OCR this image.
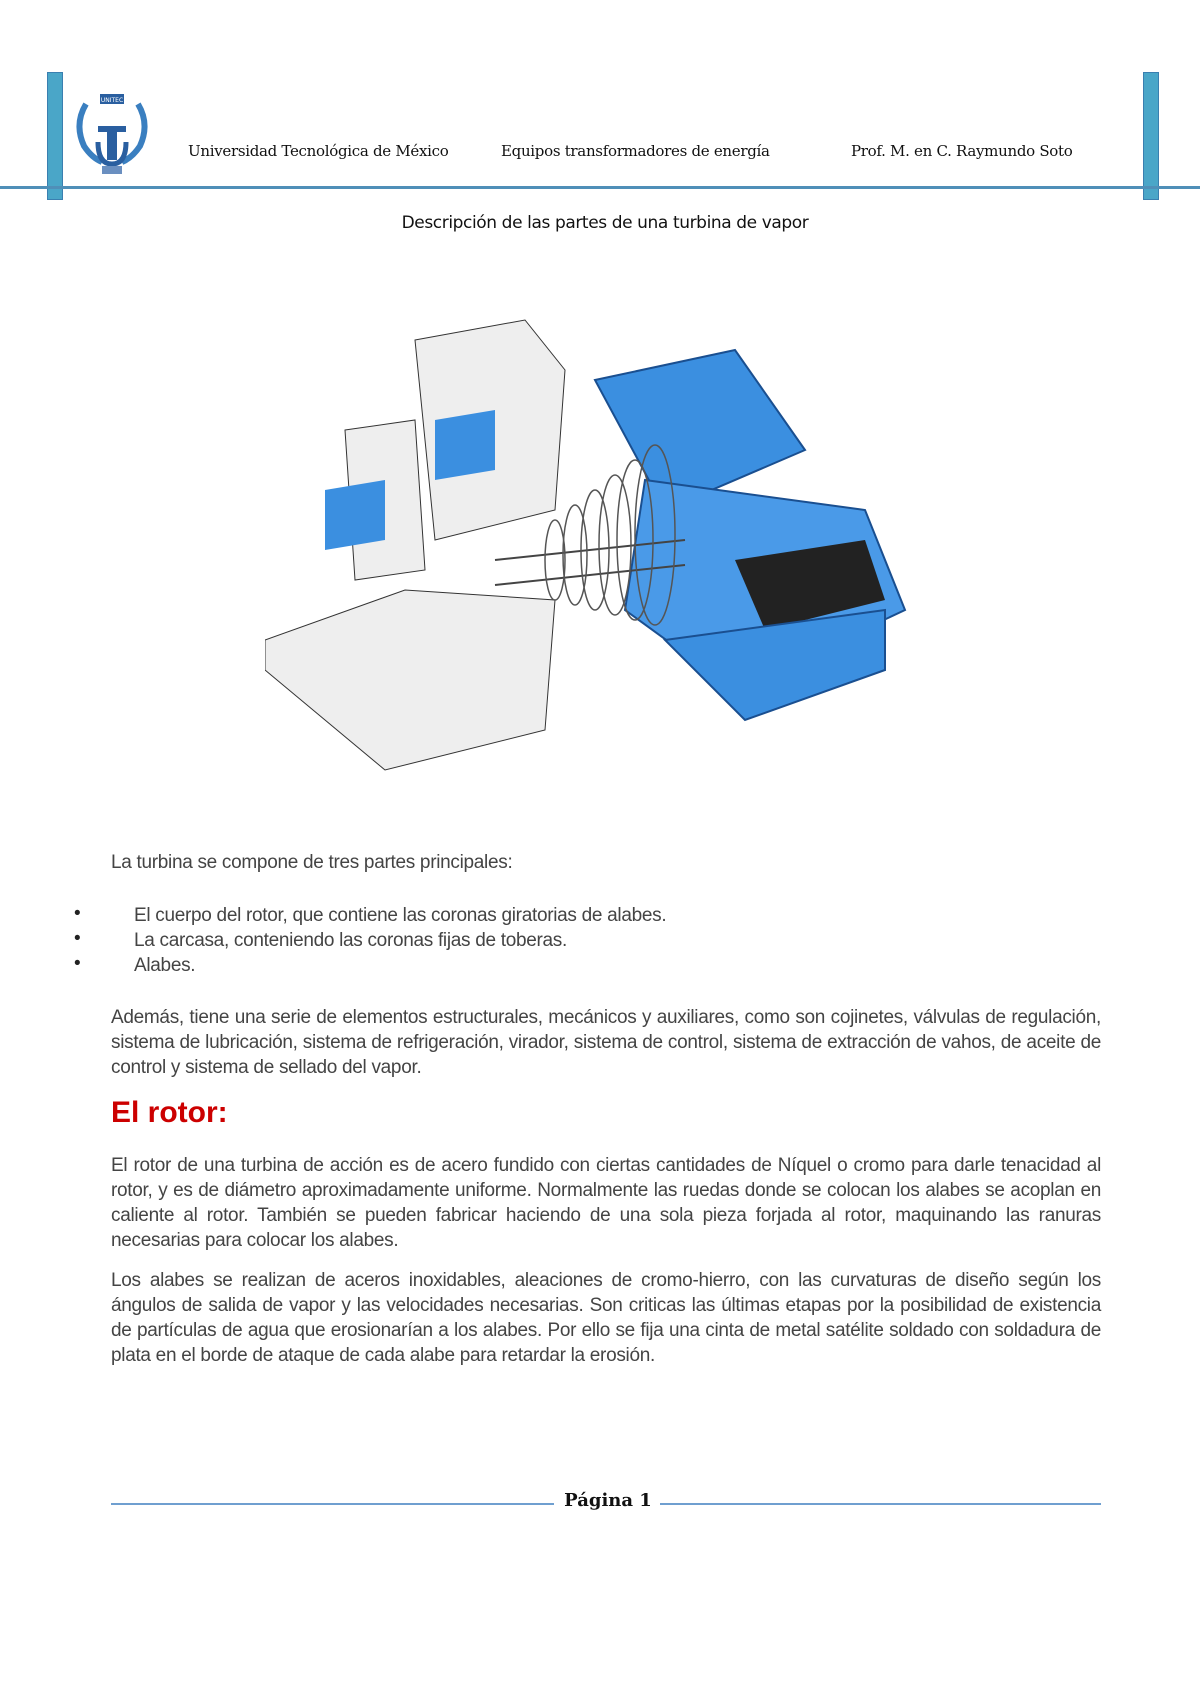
UNITEC
Universidad Tecnológica de México	Equipos transformadores de energía	Prof. M. en C. Raymundo Soto
Descripción de las partes de una turbina de vapor
La turbina se compone de tres partes principales:
•	El cuerpo del rotor, que contiene las coronas giratorias de alabes.
•	La carcasa, conteniendo las coronas fijas de toberas.
•	Alabes.
Además, tiene una serie de elementos estructurales, mecánicos y auxiliares, como son cojinetes, válvulas de regulación, sistema de lubricación, sistema de refrigeración, virador, sistema de control, sistema de extracción de vahos, de aceite de control y sistema de sellado del vapor.
El rotor:
El rotor de una turbina de acción es de acero fundido con ciertas cantidades de Níquel o cromo para darle tenacidad al rotor, y es de diámetro aproximadamente uniforme. Normalmente las ruedas donde se colocan los alabes se acoplan en caliente al rotor. También se pueden fabricar haciendo de una sola pieza forjada al rotor, maquinando las ranuras necesarias para colocar los alabes.
Los alabes se realizan de aceros inoxidables, aleaciones de cromo-hierro, con las curvaturas de diseño según los ángulos de salida de vapor y las velocidades necesarias. Son criticas las últimas etapas por la posibilidad de existencia de partículas de agua que erosionarían a los alabes. Por ello se fija una cinta de metal satélite soldado con soldadura de plata en el borde de ataque de cada alabe para retardar la erosión.
Página 1
